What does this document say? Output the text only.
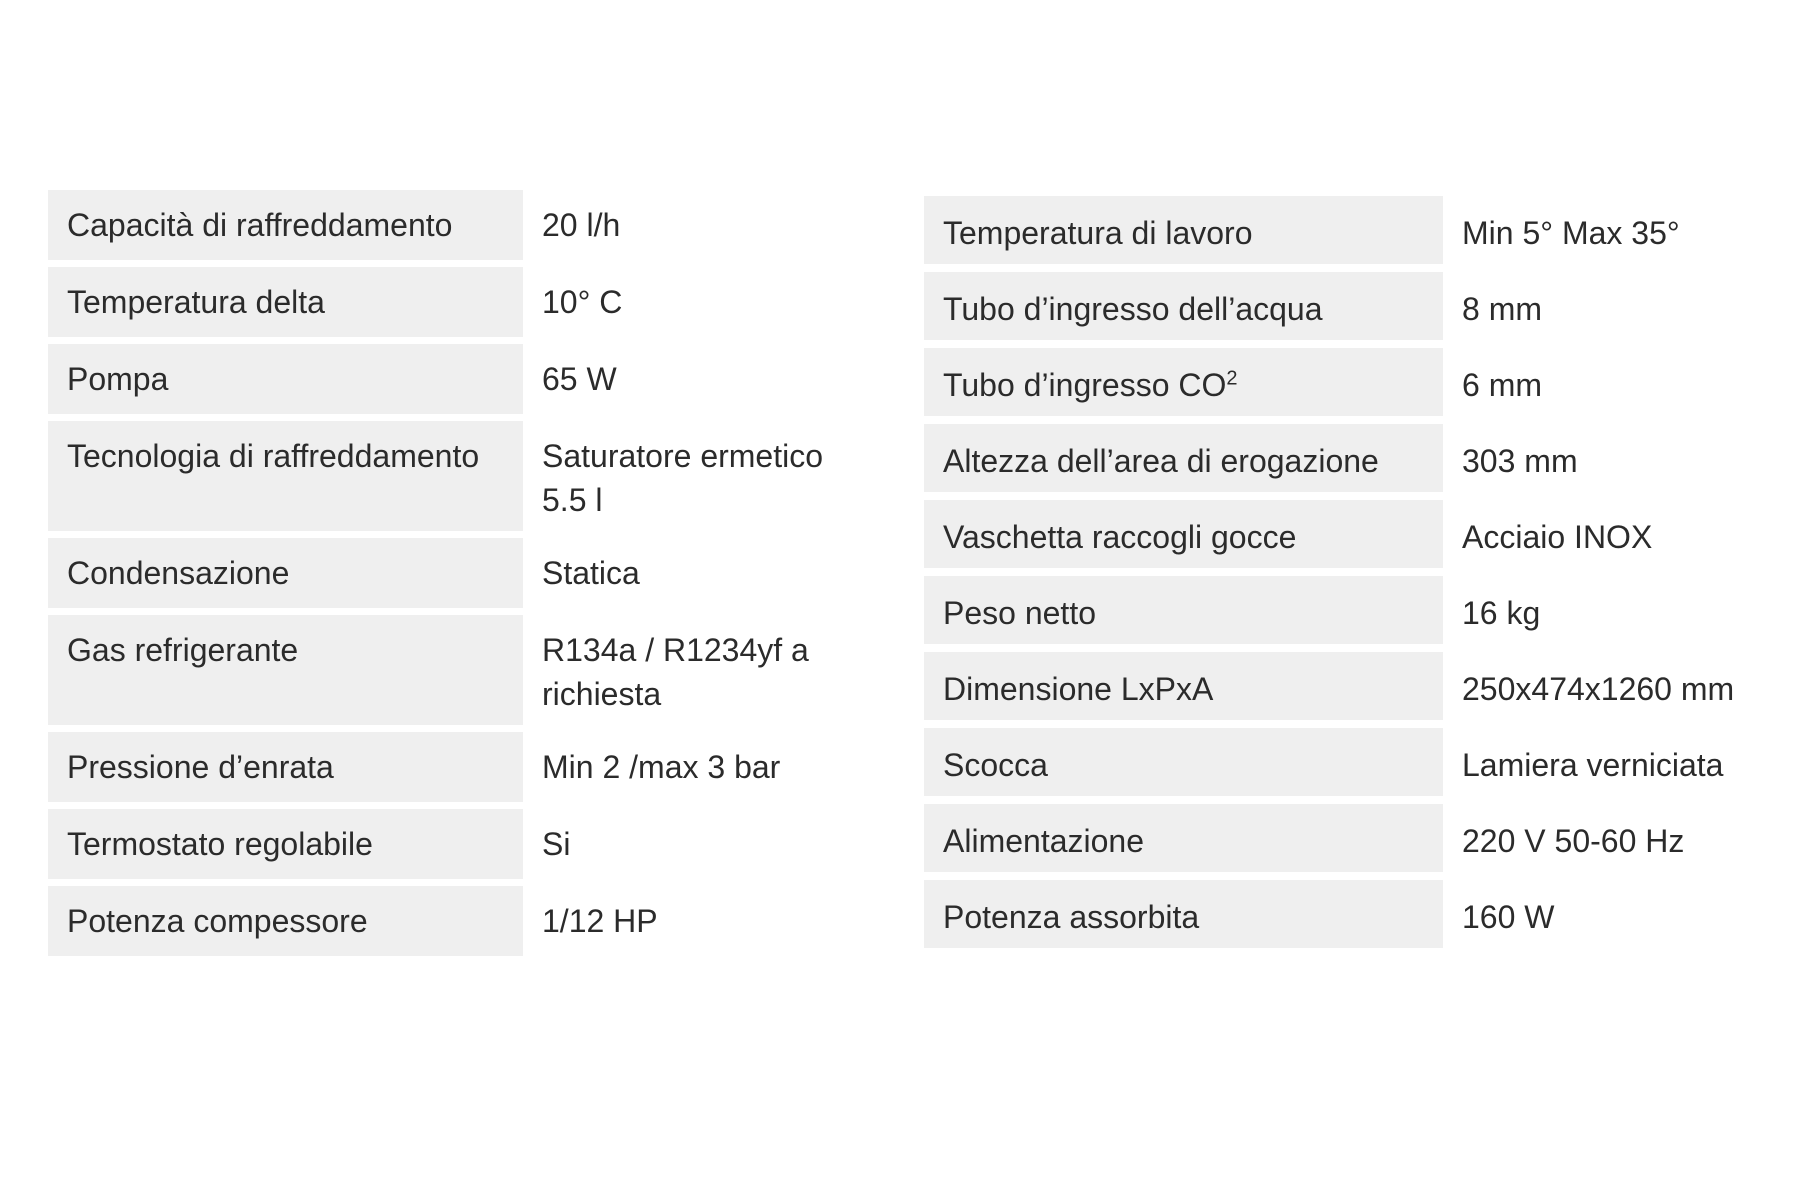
Capacità di raffreddamento	20 l/h

Temperatura delta	10° C

Pompa	65 W

Tecnologia di raffreddamento	Saturatore ermetico
5.5 l

Condensazione	Statica

Gas refrigerante	R134a / R1234yf a
richiesta

Pressione d’enrata	Min 2 /max 3 bar

Termostato regolabile	Si

Potenza compessore	1/12 HP
Temperatura di lavoro	Min 5° Max 35°

Tubo d’ingresso dell’acqua	8 mm

Tubo d’ingresso $CO^2$	6 mm

Altezza dell’area di erogazione	303 mm

Vaschetta raccogli gocce	Acciaio INOX

Peso netto	16 kg

Dimensione LxPxA	250x474x1260 mm

Scocca	Lamiera verniciata

Alimentazione	220 V 50-60 Hz

Potenza assorbita	160 W
